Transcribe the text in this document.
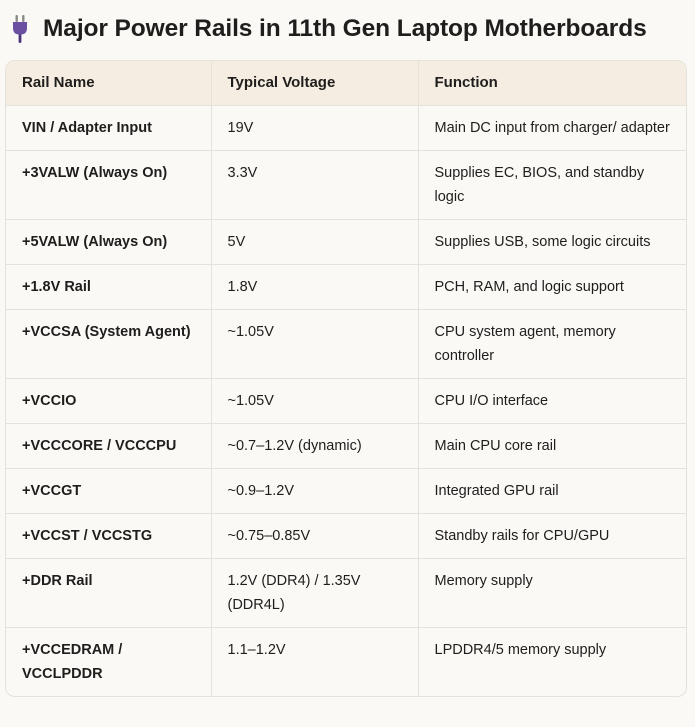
Major Power Rails in 11th Gen Laptop Motherboards
Rail Name	Typical Voltage	Function
VIN / Adapter Input	19V	Main DC input from charger/ adapter
+3VALW (Always On)	3.3V	Supplies EC, BIOS, and standby logic
+5VALW (Always On)	5V	Supplies USB, some logic circuits
+1.8V Rail	1.8V	PCH, RAM, and logic support
+VCCSA (System Agent)	~1.05V	CPU system agent, memory controller
+VCCIO	~1.05V	CPU I/O interface
+VCCCORE / VCCCPU	~0.7–1.2V (dynamic)	Main CPU core rail
+VCCGT	~0.9–1.2V	Integrated GPU rail
+VCCST / VCCSTG	~0.75–0.85V	Standby rails for CPU/GPU
+DDR Rail	1.2V (DDR4) / 1.35V (DDR4L)	Memory supply
+VCCEDRAM / VCCLPDDR	1.1–1.2V	LPDDR4/5 memory supply
